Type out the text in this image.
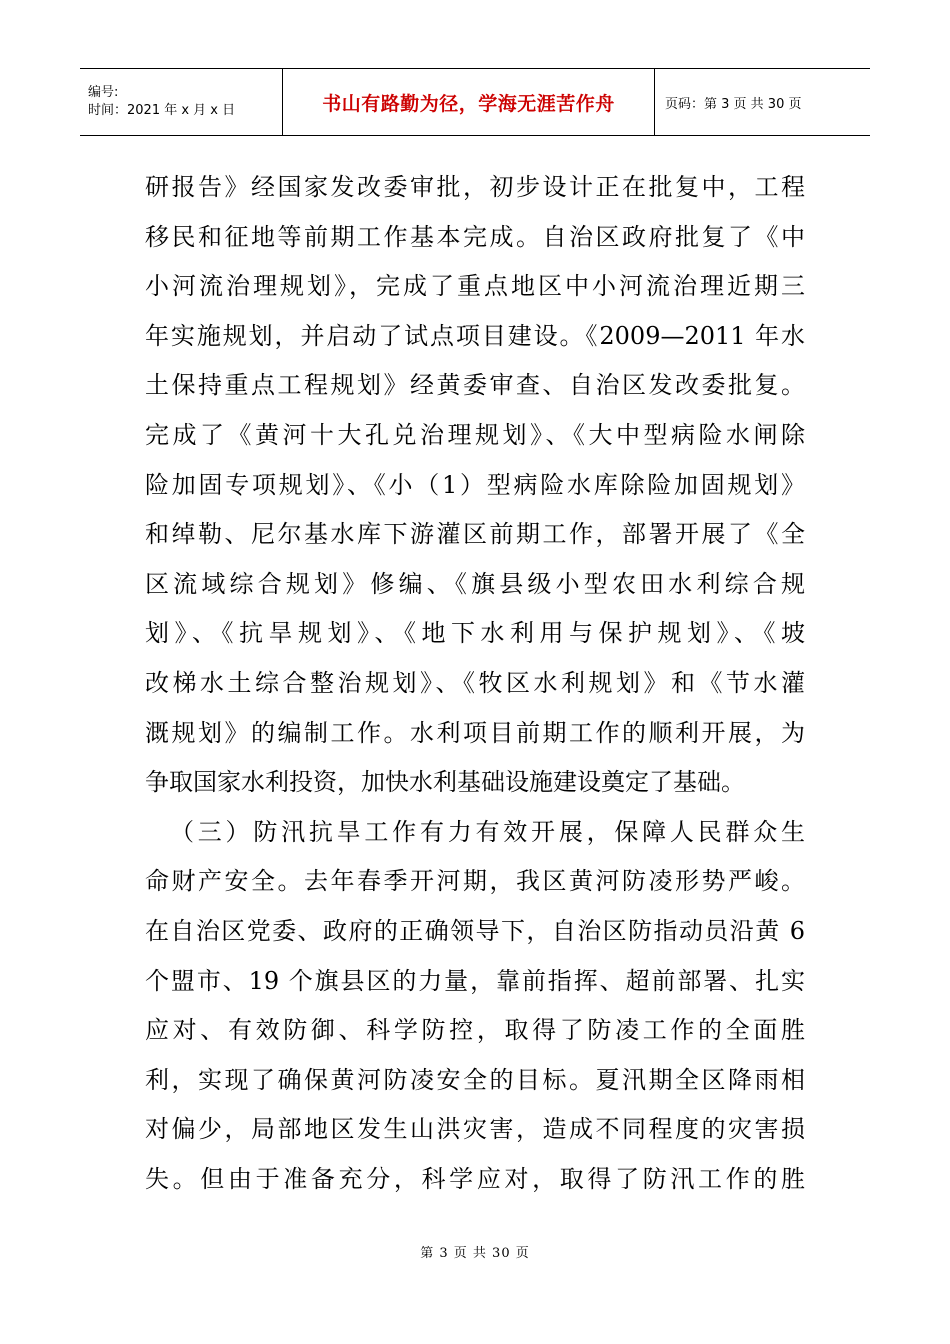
编号:
时间：2021 年 x 月 x 日	书山有路勤为径，学海无涯苦作舟	页码：第 3 页 共 30 页
研报告》经国家发改委审批，初步设计正在批复中，工程
移民和征地等前期工作基本完成。自治区政府批复了《中
小河流治理规划》，完成了重点地区中小河流治理近期三
年实施规划，并启动了试点项目建设。《2009—2011 年水
土保持重点工程规划》经黄委审查、自治区发改委批复。
完成了《黄河十大孔兑治理规划》、《大中型病险水闸除
险加固专项规划》、《小（1）型病险水库除险加固规划》
和绰勒、尼尔基水库下游灌区前期工作，部署开展了《全
区流域综合规划》修编、《旗县级小型农田水利综合规
划》、《抗旱规划》、《地下水利用与保护规划》、《坡
改梯水土综合整治规划》、《牧区水利规划》和《节水灌
溉规划》的编制工作。水利项目前期工作的顺利开展，为
争取国家水利投资，加快水利基础设施建设奠定了基础。
（三）防汛抗旱工作有力有效开展，保障人民群众生
命财产安全。去年春季开河期，我区黄河防凌形势严峻。
在自治区党委、政府的正确领导下，自治区防指动员沿黄 6
个盟市、19 个旗县区的力量，靠前指挥、超前部署、扎实
应对、有效防御、科学防控，取得了防凌工作的全面胜
利，实现了确保黄河防凌安全的目标。夏汛期全区降雨相
对偏少，局部地区发生山洪灾害，造成不同程度的灾害损
失。但由于准备充分，科学应对，取得了防汛工作的胜
第 3 页 共 30 页
